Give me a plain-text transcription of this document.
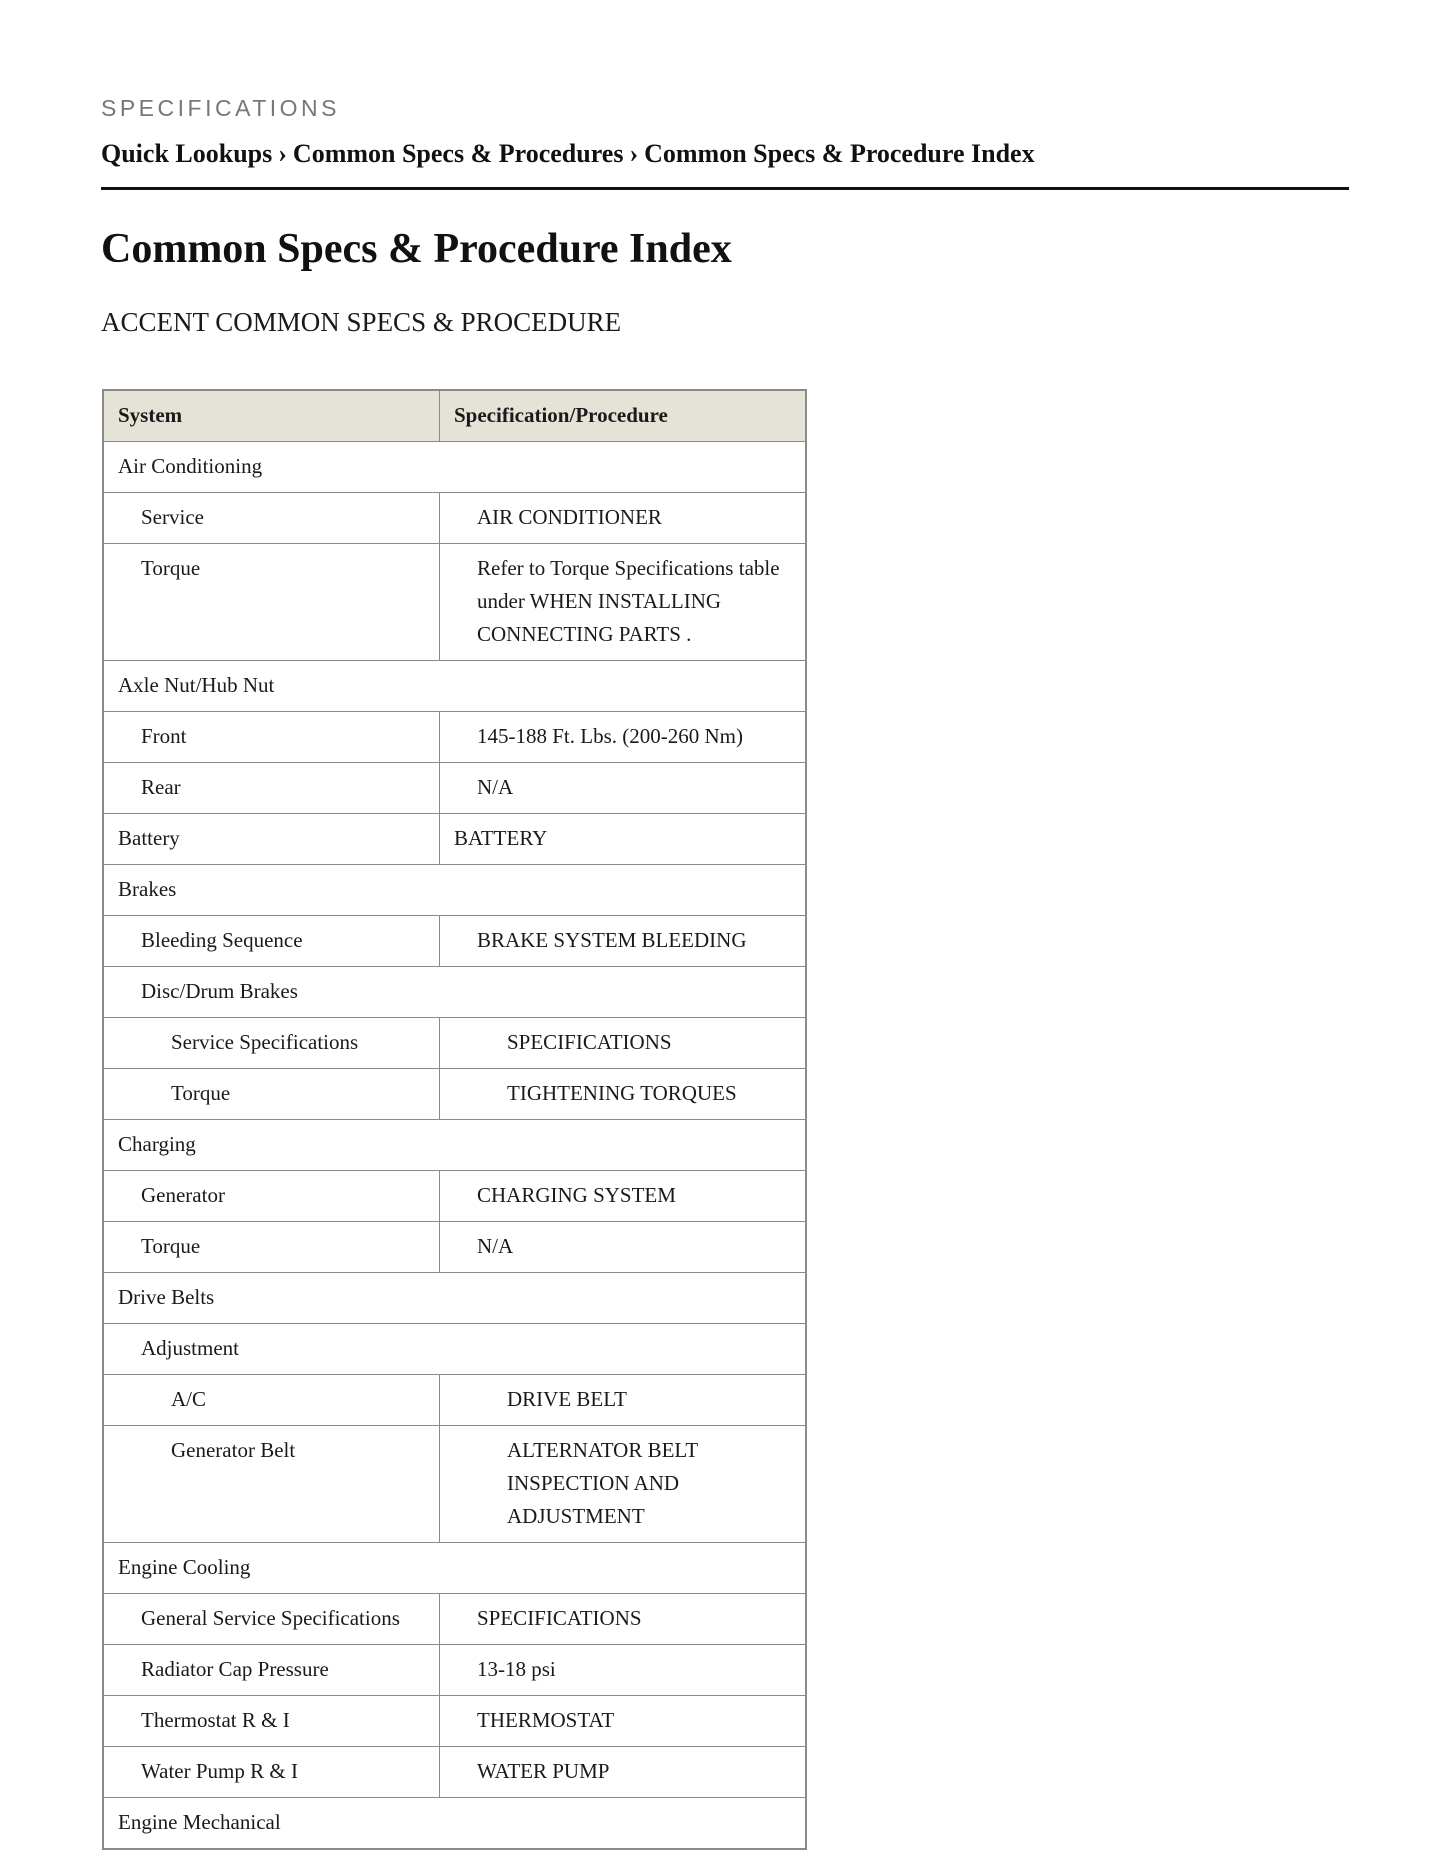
SPECIFICATIONS
Quick Lookups › Common Specs & Procedures › Common Specs & Procedure Index
Common Specs & Procedure Index
ACCENT COMMON SPECS & PROCEDURE
System	Specification/Procedure
Air Conditioning	
Service	AIR CONDITIONER
Torque	Refer to Torque Specifications table under WHEN INSTALLING CONNECTING PARTS .
Axle Nut/Hub Nut	
Front	145-188 Ft. Lbs. (200-260 Nm)
Rear	N/A
Battery	BATTERY
Brakes	
Bleeding Sequence	BRAKE SYSTEM BLEEDING
Disc/Drum Brakes	
Service Specifications	SPECIFICATIONS
Torque	TIGHTENING TORQUES
Charging	
Generator	CHARGING SYSTEM
Torque	N/A
Drive Belts	
Adjustment	
A/C	DRIVE BELT
Generator Belt	ALTERNATOR BELT INSPECTION AND ADJUSTMENT
Engine Cooling	
General Service Specifications	SPECIFICATIONS
Radiator Cap Pressure	13-18 psi
Thermostat R & I	THERMOSTAT
Water Pump R & I	WATER PUMP
Engine Mechanical	
